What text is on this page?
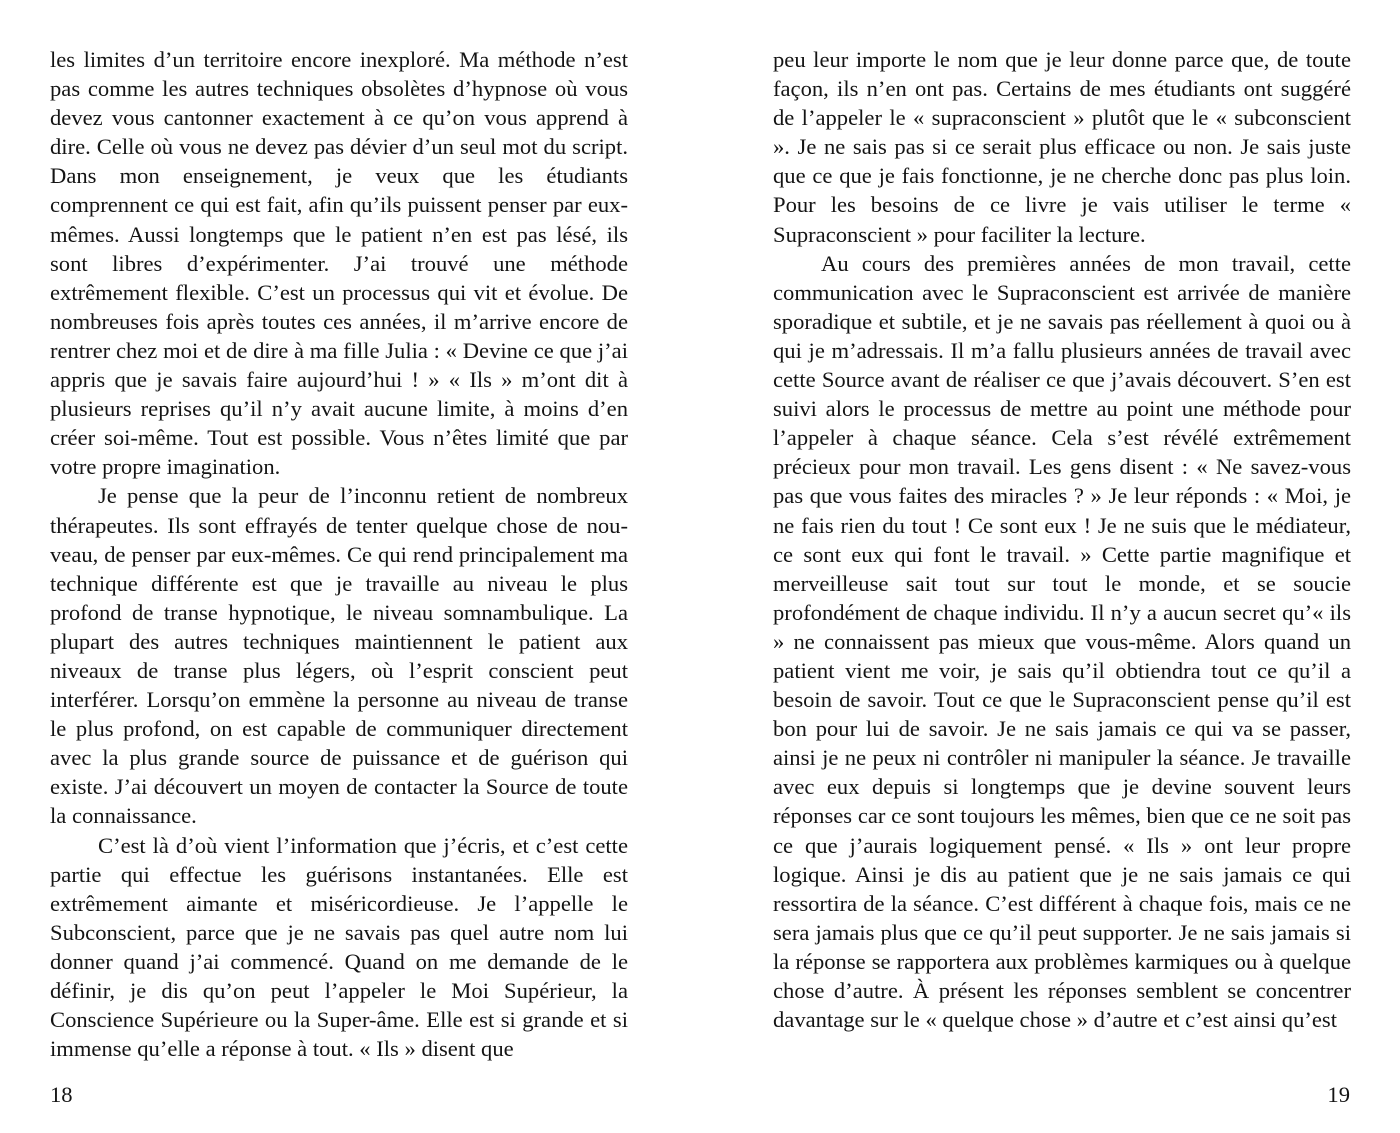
les limites d’un territoire encore inexploré. Ma méthode n’est pas comme les autres techniques obsolètes d’hypnose où vous devez vous cantonner exactement à ce qu’on vous apprend à dire. Celle où vous ne devez pas dévier d’un seul mot du script. Dans mon enseignement, je veux que les étudiants comprennent ce qui est fait, afin qu’ils puissent penser par eux-mêmes. Aussi longtemps que le patient n’en est pas lésé, ils sont libres d’expérimenter. J’ai trouvé une méthode extrêmement flexible. C’est un processus qui vit et évolue. De nombreuses fois après toutes ces années, il m’arrive encore de rentrer chez moi et de dire à ma fille Julia : « Devine ce que j’ai appris que je savais faire aujourd’hui ! » « Ils » m’ont dit à plusieurs reprises qu’il n’y avait aucune limite, à moins d’en créer soi-même. Tout est possible. Vous n’êtes limité que par votre propre imagination.

Je pense que la peur de l’inconnu retient de nombreux thérapeutes. Ils sont effrayés de tenter quelque chose de nouveau, de penser par eux-mêmes. Ce qui rend principalement ma technique différente est que je travaille au niveau le plus profond de transe hypnotique, le niveau somnambulique. La plupart des autres techniques maintiennent le patient aux niveaux de transe plus légers, où l’esprit conscient peut interférer. Lorsqu’on emmène la personne au niveau de transe le plus profond, on est capable de communiquer directement avec la plus grande source de puissance et de guérison qui existe. J’ai découvert un moyen de contacter la Source de toute la connaissance.

C’est là d’où vient l’information que j’écris, et c’est cette partie qui effectue les guérisons instantanées. Elle est extrêmement aimante et miséricordieuse. Je l’appelle le Subconscient, parce que je ne savais pas quel autre nom lui donner quand j’ai commencé. Quand on me demande de le définir, je dis qu’on peut l’appeler le Moi Supérieur, la Conscience Supérieure ou la Super-âme. Elle est si grande et si immense qu’elle a réponse à tout. « Ils » disent que

peu leur importe le nom que je leur donne parce que, de toute façon, ils n’en ont pas. Certains de mes étudiants ont suggéré de l’appeler le « supraconscient » plutôt que le « subconscient ». Je ne sais pas si ce serait plus efficace ou non. Je sais juste que ce que je fais fonctionne, je ne cherche donc pas plus loin. Pour les besoins de ce livre je vais utiliser le terme « Supraconscient » pour faciliter la lecture.

Au cours des premières années de mon travail, cette communication avec le Supraconscient est arrivée de manière sporadique et subtile, et je ne savais pas réellement à quoi ou à qui je m’adressais. Il m’a fallu plusieurs années de travail avec cette Source avant de réaliser ce que j’avais découvert. S’en est suivi alors le processus de mettre au point une méthode pour l’appeler à chaque séance. Cela s’est révélé extrêmement précieux pour mon travail. Les gens disent : « Ne savez-vous pas que vous faites des miracles ? » Je leur réponds : « Moi, je ne fais rien du tout ! Ce sont eux ! Je ne suis que le médiateur, ce sont eux qui font le travail. » Cette partie magnifique et merveilleuse sait tout sur tout le monde, et se soucie profondément de chaque individu. Il n’y a aucun secret qu’« ils » ne connaissent pas mieux que vous-même. Alors quand un patient vient me voir, je sais qu’il obtiendra tout ce qu’il a besoin de savoir. Tout ce que le Supraconscient pense qu’il est bon pour lui de savoir. Je ne sais jamais ce qui va se passer, ainsi je ne peux ni contrôler ni manipuler la séance. Je travaille avec eux depuis si longtemps que je devine souvent leurs réponses car ce sont toujours les mêmes, bien que ce ne soit pas ce que j’aurais logiquement pensé. « Ils » ont leur propre logique. Ainsi je dis au patient que je ne sais jamais ce qui ressortira de la séance. C’est différent à chaque fois, mais ce ne sera jamais plus que ce qu’il peut supporter. Je ne sais jamais si la réponse se rapportera aux problèmes karmiques ou à quelque chose d’autre. À présent les réponses semblent se concentrer davantage sur le « quelque chose » d’autre et c’est ainsi qu’est

18	19
